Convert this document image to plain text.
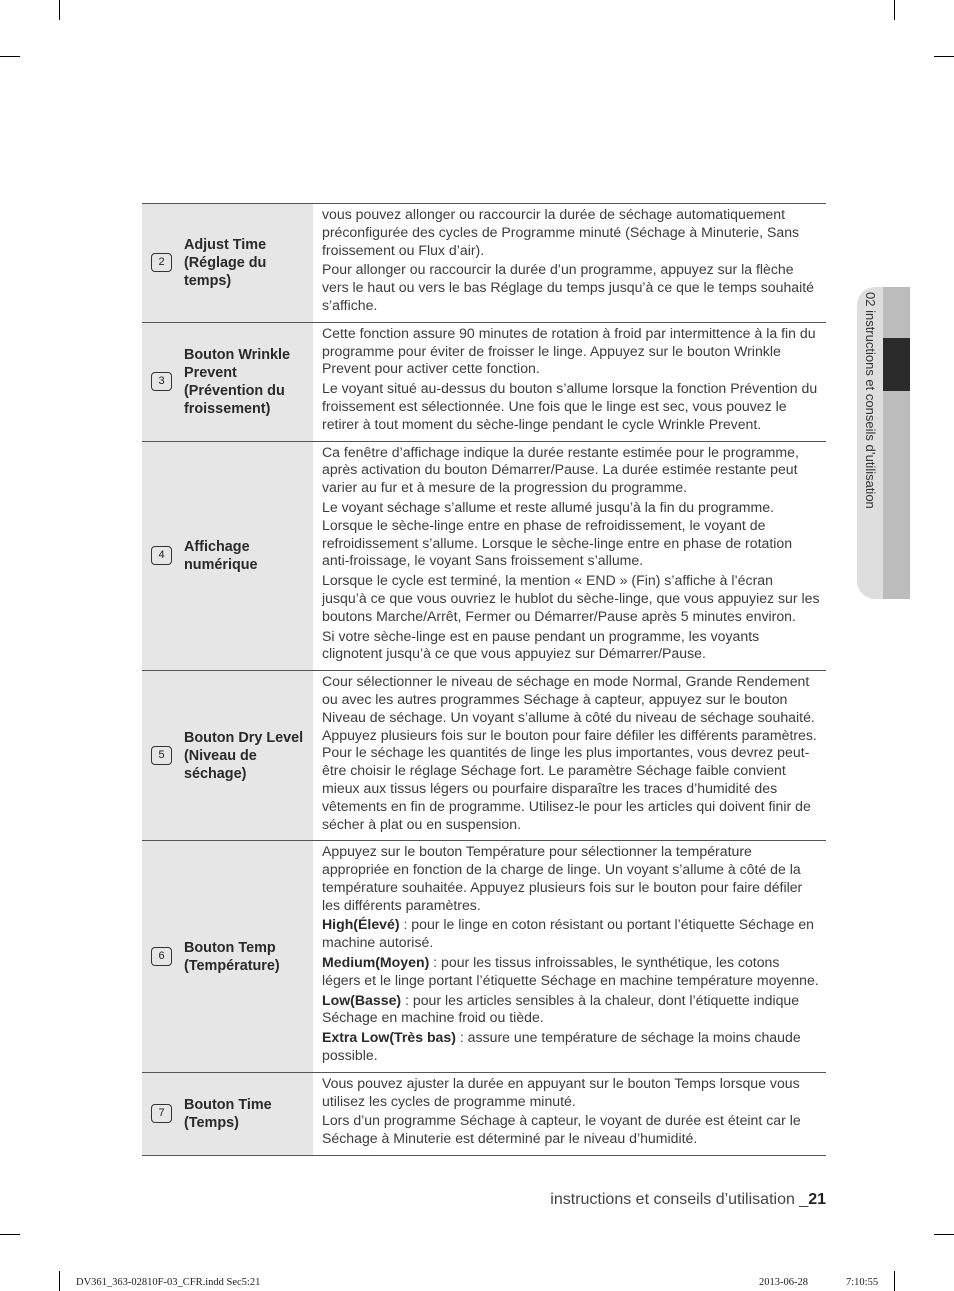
02 instructions et conseils d’utilisation
2
Adjust Time (Réglage du temps)

vous pouvez allonger ou raccourcir la durée de séchage automatiquement préconfigurée des cycles de Programme minuté (Séchage à Minuterie, Sans froissement ou Flux d’air).

Pour allonger ou raccourcir la durée d’un programme, appuyez sur la flèche vers le haut ou vers le bas Réglage du temps jusqu’à ce que le temps souhaité s’affiche.

3
Bouton Wrinkle Prevent (Prévention du froissement)

Cette fonction assure 90 minutes de rotation à froid par intermittence à la fin du programme pour éviter de froisser le linge. Appuyez sur le bouton Wrinkle Prevent pour activer cette fonction.

Le voyant situé au-dessus du bouton s’allume lorsque la fonction Prévention du froissement est sélectionnée. Une fois que le linge est sec, vous pouvez le retirer à tout moment du sèche-linge pendant le cycle Wrinkle Prevent.

4
Affichage numérique

Ca fenêtre d’affichage indique la durée restante estimée pour le programme, après activation du bouton Démarrer/Pause. La durée estimée restante peut varier au fur et à mesure de la progression du programme.

Le voyant séchage s’allume et reste allumé jusqu’à la fin du programme. Lorsque le sèche-linge entre en phase de refroidissement, le voyant de refroidissement s’allume. Lorsque le sèche-linge entre en phase de rotation anti-froissage, le voyant Sans froissement s’allume.

Lorsque le cycle est terminé, la mention « END » (Fin) s’affiche à l’écran jusqu’à ce que vous ouvriez le hublot du sèche-linge, que vous appuyiez sur les boutons Marche/Arrêt, Fermer ou Démarrer/Pause après 5 minutes environ.

Si votre sèche-linge est en pause pendant un programme, les voyants clignotent jusqu’à ce que vous appuyiez sur Démarrer/Pause.

5
Bouton Dry Level (Niveau de séchage)

Cour sélectionner le niveau de séchage en mode Normal, Grande Rendement ou avec les autres programmes Séchage à capteur, appuyez sur le bouton Niveau de séchage. Un voyant s’allume à côté du niveau de séchage souhaité. Appuyez plusieurs fois sur le bouton pour faire défiler les différents paramètres. Pour le séchage les quantités de linge les plus importantes, vous devrez peut-être choisir le réglage Séchage fort. Le paramètre Séchage faible convient mieux aux tissus légers ou pourfaire disparaître les traces d’humidité des vêtements en fin de programme. Utilisez-le pour les articles qui doivent finir de sécher à plat ou en suspension.

6
Bouton Temp (Température)

Appuyez sur le bouton Température pour sélectionner la température appropriée en fonction de la charge de linge. Un voyant s’allume à côté de la température souhaitée. Appuyez plusieurs fois sur le bouton pour faire défiler les différents paramètres.

High(Élevé) : pour le linge en coton résistant ou portant l’étiquette Séchage en machine autorisé.

Medium(Moyen) : pour les tissus infroissables, le synthétique, les cotons légers et le linge portant l’étiquette Séchage en machine température moyenne.

Low(Basse) : pour les articles sensibles à la chaleur, dont l’étiquette indique Séchage en machine froid ou tiède.

Extra Low(Très bas) : assure une température de séchage la moins chaude possible.

7
Bouton Time (Temps)

Vous pouvez ajuster la durée en appuyant sur le bouton Temps lorsque vous utilisez les cycles de programme minuté.

Lors d’un programme Séchage à capteur, le voyant de durée est éteint car le Séchage à Minuterie est déterminé par le niveau d’humidité.

instructions et conseils d’utilisation _21
DV361_363-02810F-03_CFR.indd Sec5:21	2013-06-28	7:10:55
